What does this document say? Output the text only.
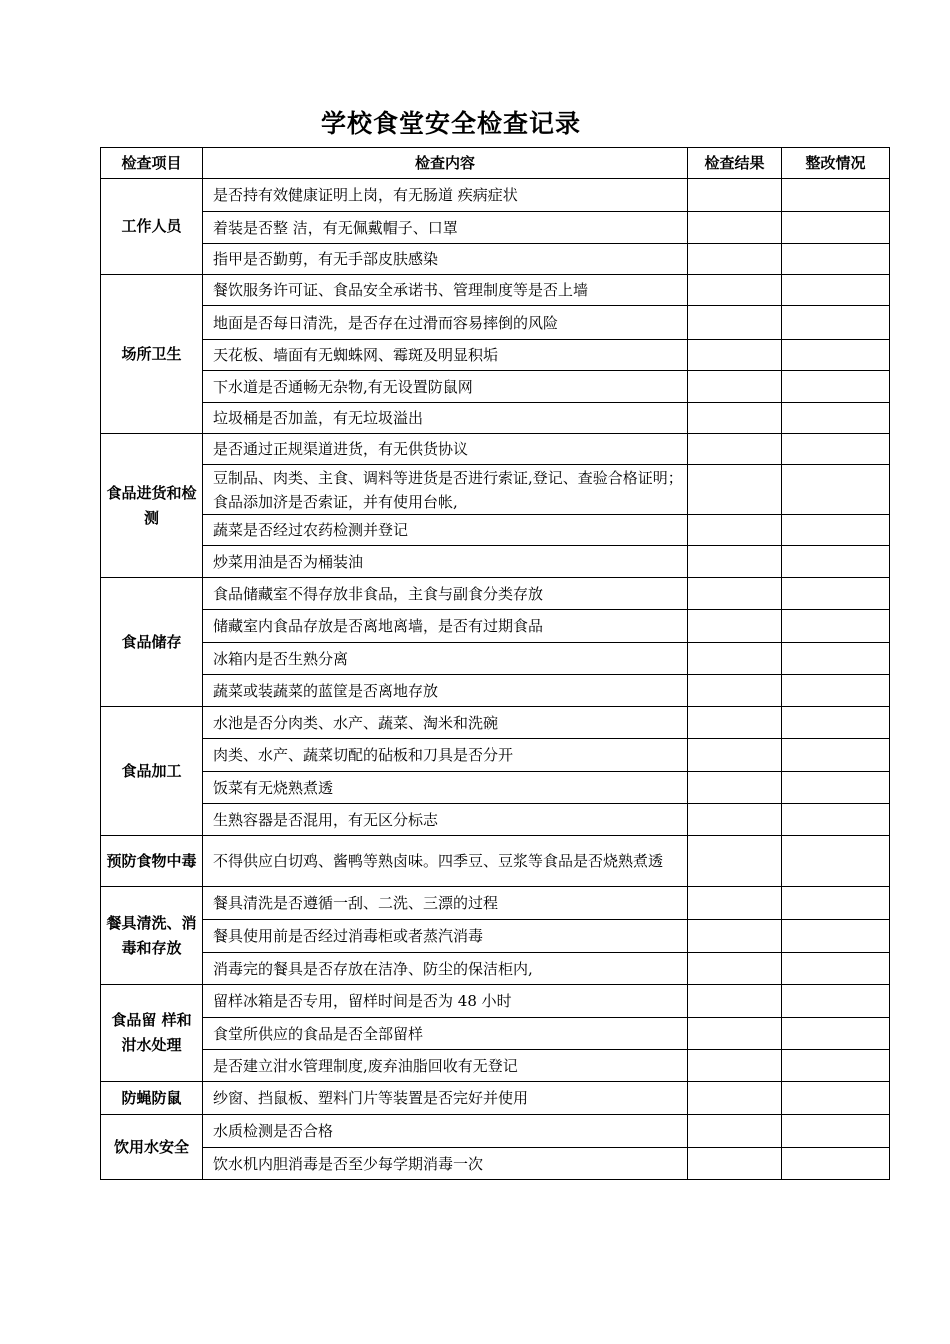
学校食堂安全检查记录
检查项目	检查内容	检查结果	整改情况
工作人员	是否持有效健康证明上岗，有无肠道 疾病症状		
	着装是否整 洁，有无佩戴帽子、口罩		
	指甲是否勤剪，有无手部皮肤感染		
场所卫生	餐饮服务许可证、食品安全承诺书、管理制度等是否上墙		
	地面是否每日清洗，是否存在过滑而容易摔倒的风险		
	天花板、墙面有无蜘蛛网、霉斑及明显积垢		
	下水道是否通畅无杂物,有无设置防鼠网		
	垃圾桶是否加盖，有无垃圾溢出		
食品进货和检测	是否通过正规渠道进货，有无供货协议		
	豆制品、肉类、主食、调料等进货是否进行索证,登记、查验合格证明；食品添加济是否索证，并有使用台帐,		
	蔬菜是否经过农药检测并登记		
	炒菜用油是否为桶装油		
食品储存	食品储藏室不得存放非食品，主食与副食分类存放		
	储藏室内食品存放是否离地离墙，是否有过期食品		
	冰箱内是否生熟分离		
	蔬菜或装蔬菜的蓝筐是否离地存放		
食品加工	水池是否分肉类、水产、蔬菜、淘米和洗碗		
	肉类、水产、蔬菜切配的砧板和刀具是否分开		
	饭菜有无烧熟煮透		
	生熟容器是否混用，有无区分标志		
预防食物中毒	不得供应白切鸡、酱鸭等熟卤味。四季豆、豆浆等食品是否烧熟煮透		
餐具清洗、消毒和存放	餐具清洗是否遵循一刮、二洗、三漂的过程		
	餐具使用前是否经过消毒柜或者蒸汽消毒		
	消毒完的餐具是否存放在洁净、防尘的保洁柜内,		
食品留 样和泔水处理	留样冰箱是否专用，留样时间是否为 48 小时		
	食堂所供应的食品是否全部留样		
	是否建立泔水管理制度,废弃油脂回收有无登记		
防蝇防鼠	纱窗、挡鼠板、塑料门片等装置是否完好并使用		
饮用水安全	水质检测是否合格		
	饮水机内胆消毒是否至少每学期消毒一次		
